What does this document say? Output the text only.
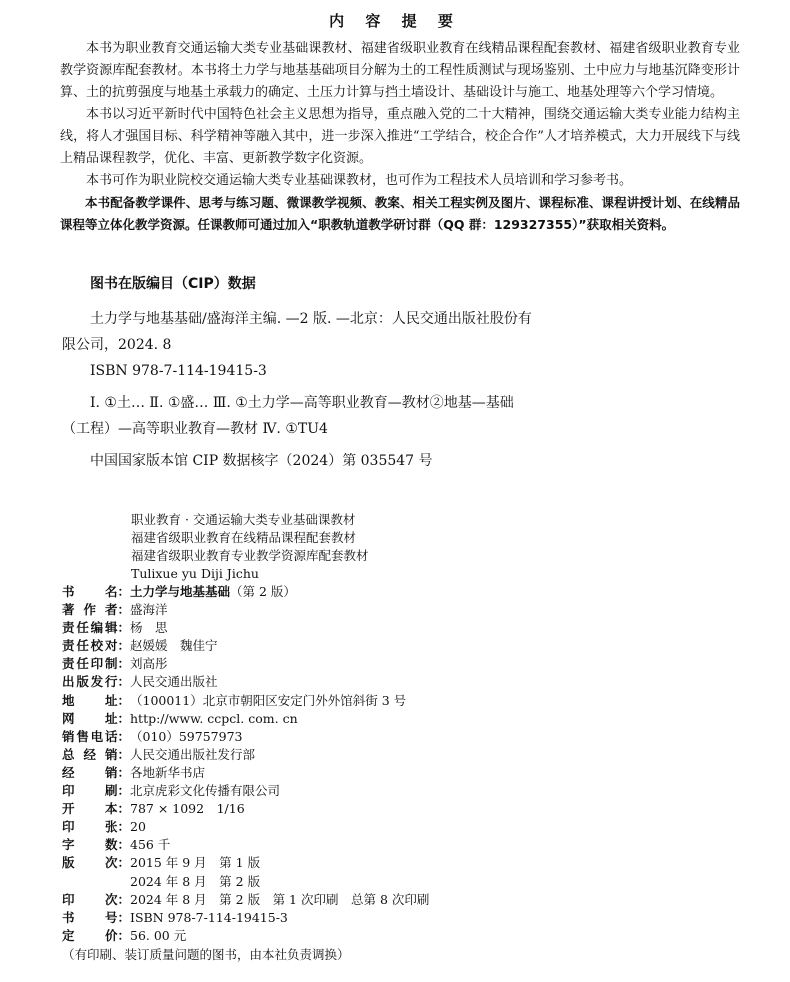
内 容 提 要

本书为职业教育交通运输大类专业基础课教材、福建省级职业教育在线精品课程配套教材、福建省级职业教育专业教学资源库配套教材。本书将土力学与地基基础项目分解为土的工程性质测试与现场鉴别、土中应力与地基沉降变形计算、土的抗剪强度与地基土承载力的确定、土压力计算与挡土墙设计、基础设计与施工、地基处理等六个学习情境。

本书以习近平新时代中国特色社会主义思想为指导，重点融入党的二十大精神，围绕交通运输大类专业能力结构主线，将人才强国目标、科学精神等融入其中，进一步深入推进“工学结合，校企合作”人才培养模式，大力开展线下与线上精品课程教学，优化、丰富、更新教学数字化资源。

本书可作为职业院校交通运输大类专业基础课教材，也可作为工程技术人员培训和学习参考书。

本书配备教学课件、思考与练习题、微课教学视频、教案、相关工程实例及图片、课程标准、课程讲授计划、在线精品课程等立体化教学资源。任课教师可通过加入“职教轨道教学研讨群（QQ 群：129327355）”获取相关资料。

图书在版编目（CIP）数据

土力学与地基基础/盛海洋主编. —2 版. —北京：人民交通出版社股份有限公司，2024. 8

ISBN 978-7-114-19415-3

Ⅰ. ①土… Ⅱ. ①盛… Ⅲ. ①土力学—高等职业教育—教材②地基—基础（工程）—高等职业教育—教材 Ⅳ. ①TU4

中国国家版本馆 CIP 数据核字（2024）第 035547 号

职业教育 · 交通运输大类专业基础课教材
福建省级职业教育在线精品课程配套教材
福建省级职业教育专业教学资源库配套教材
Tulixue yu Diji Jichu
书 名 ： 土力学与地基基础（第 2 版）
著 作 者 ： 盛海洋
责 任 编 辑 ： 杨　思
责 任 校 对 ： 赵媛媛　魏佳宁
责 任 印 制 ： 刘高彤
出 版 发 行 ： 人民交通出版社
地 址 ： （100011）北京市朝阳区安定门外外馆斜街 3 号
网 址 ： http://www. ccpcl. com. cn
销 售 电 话 ： （010）59757973
总 经 销 ： 人民交通出版社发行部
经 销 ： 各地新华书店
印 刷 ： 北京虎彩文化传播有限公司
开 本 ： 787 × 1092　1/16
印 张 ： 20
字 数 ： 456 千
版 次 ： 2015 年 9 月　第 1 版
2024 年 8 月　第 2 版
印 次 ： 2024 年 8 月　第 2 版　第 1 次印刷　总第 8 次印刷
书 号 ： ISBN 978-7-114-19415-3
定 价 ： 56. 00 元
（有印刷、装订质量问题的图书，由本社负责调换）
